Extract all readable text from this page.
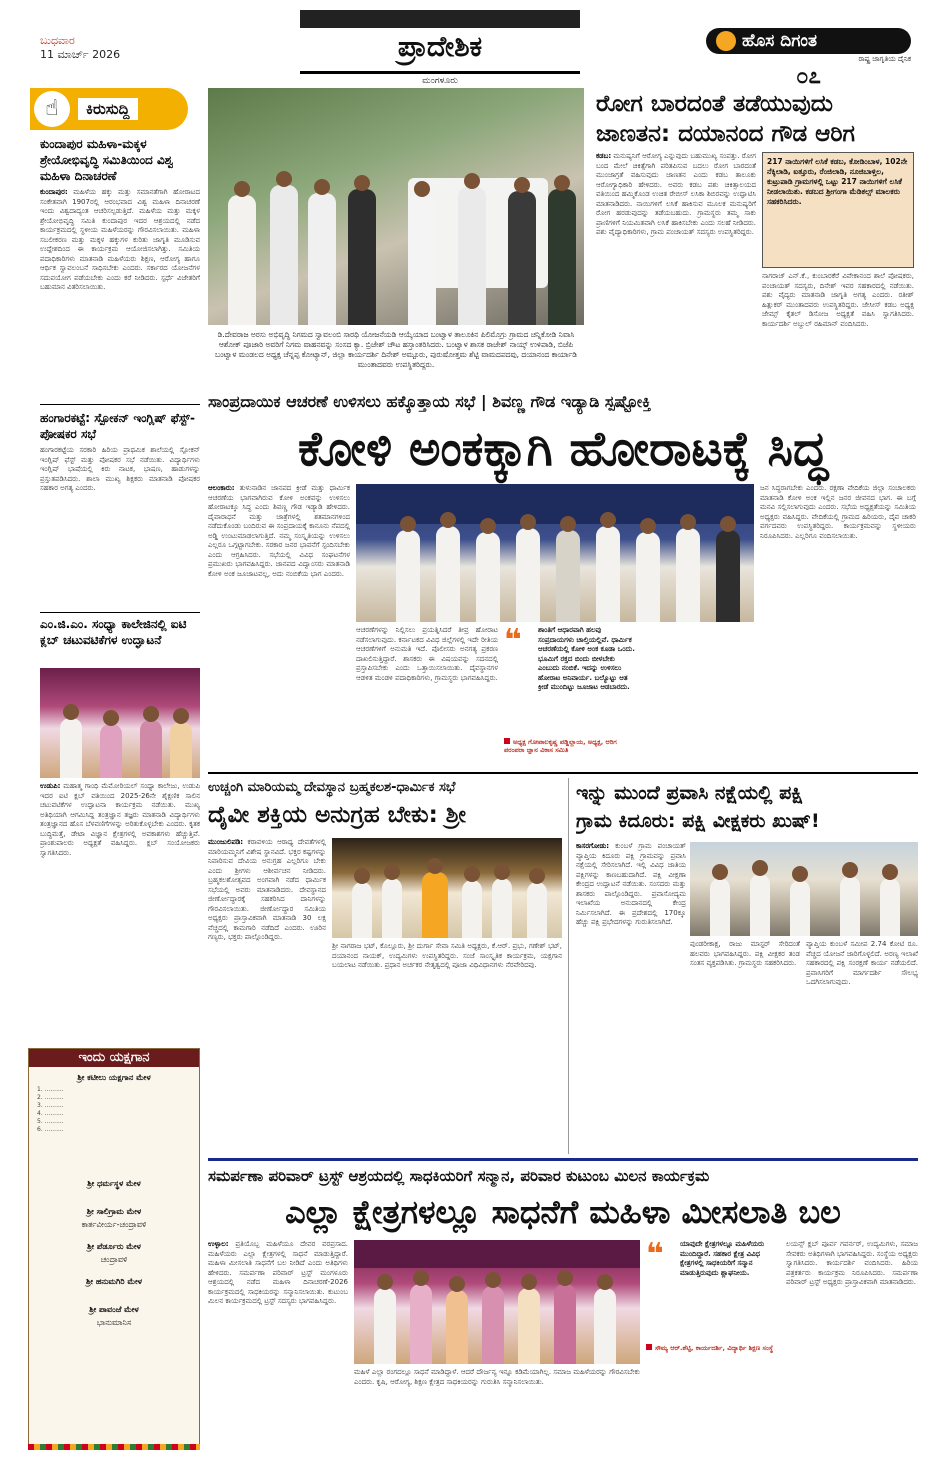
ಬುಧವಾರ
11 ಮಾರ್ಚ್ 2026	ಪ್ರಾದೇಶಿಕ
ಮಂಗಳೂರು
ಹೊಸ ದಿಗಂತ
ರಾಷ್ಟ್ರ ಜಾಗೃತಿಯ ದೈನಿಕ
೦೭
☝	ಕಿರುಸುದ್ದಿ
ಕುಂದಾಪುರ ಮಹಿಳಾ-ಮಕ್ಕಳ ಶ್ರೇಯೋಭಿವೃದ್ಧಿ ಸಮಿತಿಯಿಂದ ವಿಶ್ವ ಮಹಿಳಾ ದಿನಾಚರಣೆ
ಕುಂದಾಪುರ: ಮಹಿಳೆಯ ಹಕ್ಕು ಮತ್ತು ಸಮಾನತೆಗಾಗಿ ಹೋರಾಟದ ಸಂಕೇತವಾಗಿ 1907ರಲ್ಲಿ ಆರಂಭವಾದ ವಿಶ್ವ ಮಹಿಳಾ ದಿನಾಚರಣೆ ಇಂದು ವಿಶ್ವದಾದ್ಯಂತ ಆಚರಿಸಲ್ಪಡುತ್ತಿದೆ. ಮಹಿಳೆಯ ಮತ್ತು ಮಕ್ಕಳ ಶ್ರೇಯೋಭಿವೃದ್ಧಿ ಸಮಿತಿ ಕುಂದಾಪುರ ಇದರ ಆಶ್ರಯದಲ್ಲಿ ನಡೆದ ಕಾರ್ಯಕ್ರಮದಲ್ಲಿ ಸ್ಥಳೀಯ ಮಹಿಳೆಯರನ್ನು ಗೌರವಿಸಲಾಯಿತು. ಮಹಿಳಾ ಸಬಲೀಕರಣ ಮತ್ತು ಮಕ್ಕಳ ಹಕ್ಕುಗಳ ಕುರಿತು ಜಾಗೃತಿ ಮೂಡಿಸುವ ಉದ್ದೇಶದಿಂದ ಈ ಕಾರ್ಯಕ್ರಮ ಆಯೋಜಿಸಲಾಗಿತ್ತು. ಸಮಿತಿಯ ಪದಾಧಿಕಾರಿಗಳು ಮಾತನಾಡಿ ಮಹಿಳೆಯರು ಶಿಕ್ಷಣ, ಆರೋಗ್ಯ ಹಾಗೂ ಆರ್ಥಿಕ ಸ್ವಾವಲಂಬನೆ ಸಾಧಿಸಬೇಕು ಎಂದರು. ಸರ್ಕಾರದ ಯೋಜನೆಗಳ ಸದುಪಯೋಗ ಪಡೆಯಬೇಕು ಎಂದು ಕರೆ ನೀಡಿದರು. ಸ್ಪರ್ಧೆ ವಿಜೇತರಿಗೆ ಬಹುಮಾನ ವಿತರಿಸಲಾಯಿತು.
ಹಂಗಾರಕಟ್ಟೆ: ಸ್ಪೋಕನ್ ಇಂಗ್ಲಿಷ್ ಫೆಸ್ಟ್-ಪೋಷಕರ ಸಭೆ
ಹಂಗಾರಕಟ್ಟೆಯ ಸರಕಾರಿ ಹಿರಿಯ ಪ್ರಾಥಮಿಕ ಶಾಲೆಯಲ್ಲಿ ಸ್ಪೋಕನ್ ಇಂಗ್ಲಿಷ್ ಫೆಸ್ಟ್ ಮತ್ತು ಪೋಷಕರ ಸಭೆ ನಡೆಯಿತು. ವಿದ್ಯಾರ್ಥಿಗಳು ಇಂಗ್ಲಿಷ್ ಭಾಷೆಯಲ್ಲಿ ಕಿರು ನಾಟಕ, ಭಾಷಣ, ಹಾಡುಗಳನ್ನು ಪ್ರಸ್ತುತಪಡಿಸಿದರು. ಶಾಲಾ ಮುಖ್ಯ ಶಿಕ್ಷಕರು ಮಾತನಾಡಿ ಪೋಷಕರ ಸಹಕಾರ ಅಗತ್ಯ ಎಂದರು.
ಎಂ.ಜಿ.ಎಂ. ಸಂಧ್ಯಾ ಕಾಲೇಜಿನಲ್ಲಿ ಐಟಿ ಕ್ಲಬ್ ಚಟುವಟಿಕೆಗಳ ಉದ್ಘಾಟನೆ
ಉಡುಪಿ: ಮಹಾತ್ಮ ಗಾಂಧಿ ಮೆಮೋರಿಯಲ್ ಸಂಧ್ಯಾ ಕಾಲೇಜು, ಉಡುಪಿ ಇದರ ಐಟಿ ಕ್ಲಬ್ ವತಿಯಿಂದ 2025-26ನೇ ಶೈಕ್ಷಣಿಕ ಸಾಲಿನ ಚಟುವಟಿಕೆಗಳ ಉದ್ಘಾಟನಾ ಕಾರ್ಯಕ್ರಮ ನಡೆಯಿತು. ಮುಖ್ಯ ಅತಿಥಿಯಾಗಿ ಆಗಮಿಸಿದ್ದ ತಂತ್ರಜ್ಞಾನ ತಜ್ಞರು ಮಾತನಾಡಿ ವಿದ್ಯಾರ್ಥಿಗಳು ತಂತ್ರಜ್ಞಾನದ ಹೊಸ ಬೆಳವಣಿಗೆಗಳನ್ನು ಅರಿತುಕೊಳ್ಳಬೇಕು ಎಂದರು. ಕೃತಕ ಬುದ್ಧಿಮತ್ತೆ, ಡೇಟಾ ವಿಜ್ಞಾನ ಕ್ಷೇತ್ರಗಳಲ್ಲಿ ಅವಕಾಶಗಳು ಹೆಚ್ಚುತ್ತಿವೆ. ಪ್ರಾಂಶುಪಾಲರು ಅಧ್ಯಕ್ಷತೆ ವಹಿಸಿದ್ದರು. ಕ್ಲಬ್ ಸಂಯೋಜಕರು ಸ್ವಾಗತಿಸಿದರು.
ಇಂದು ಯಕ್ಷಗಾನ
ಶ್ರೀ ಕಟೀಲು ಯಕ್ಷಗಾನ ಮೇಳ
1. ..........
2. ..........
3. ..........
4. ..........
5. ..........
6. ..........
ಶ್ರೀ ಧರ್ಮಸ್ಥಳ ಮೇಳ
ಶ್ರೀ ಸಾಲಿಗ್ರಾಮ ಮೇಳ
ಕಾರ್ತವೀರ್ಯ-ಚಂದ್ರಾವಳಿ
ಶ್ರೀ ಪೆರ್ಡೂರು ಮೇಳ
ಚಂದ್ರಾವಳಿ
ಶ್ರೀ ಹನುಮಗಿರಿ ಮೇಳ
ಶ್ರೀ ಪಾವಂಜೆ ಮೇಳ
ಭಾನುಮಾನಿಸ
ಡಿ.ದೇವರಾಜ ಅರಸು ಅಭಿವೃದ್ಧಿ ನಿಗಮದ ಸ್ವಾವಲಂಬಿ ಸಾರಥಿ ಯೋಜನೆಯಡಿ ಆಯ್ಕೆಯಾದ ಬಂಟ್ವಾಳ ತಾಲೂಕಿನ ಪಿಲಿಮೊಗ್ರು ಗ್ರಾಮದ ಚನ್ನಿಕೋಡಿ ನಿವಾಸಿ ಆಶೋಕ್ ಪೂಜಾರಿ ಅವರಿಗೆ ನಿಗಮ ವಾಹನವನ್ನು ಸಂಸದ ಕ್ಯಾ. ಬ್ರಿಜೇಶ್ ಚೌಟ ಹಸ್ತಾಂತರಿಸಿದರು. ಬಂಟ್ವಾಳ ಶಾಸಕ ರಾಜೇಶ್ ನಾಯ್ಕ್ ಉಳಿಪಾಡಿ, ಬಿಜೆಪಿ ಬಂಟ್ವಾಳ ಮಂಡಲದ ಅಧ್ಯಕ್ಷ ಚೆನ್ನಪ್ಪ ಕೋಟ್ಯಾನ್, ಜಿಲ್ಲಾ ಕಾರ್ಯದರ್ಶಿ ದಿನೇಶ್ ಅಮ್ಟೂರು, ಪುರುಷೋತ್ತಮ ಶೆಟ್ಟಿ ವಾಮದಪದವು, ದಯಾನಂದ ಕಾರ್ಯಾಡಿ ಮುಂತಾದವರು ಉಪಸ್ಥಿತರಿದ್ದರು.
ರೋಗ ಬಾರದಂತೆ ತಡೆಯುವುದು
ಜಾಣತನ: ದಯಾನಂದ ಗೌಡ ಆರಿಗ
ಕಡಬ: ಮನುಷ್ಯನಿಗೆ ಆರೋಗ್ಯ ಎನ್ನುವುದು ಬಹುಮುಖ್ಯ ಸಂಪತ್ತು. ರೋಗ ಬಂದ ಮೇಲೆ ಚಿಕಿತ್ಸೆಗಾಗಿ ಪರಿತಪಿಸುವ ಬದಲು ರೋಗ ಬಾರದಂತೆ ಮುಂಜಾಗ್ರತೆ ವಹಿಸುವುದು ಜಾಣತನ ಎಂದು ಕಡಬ ತಾಲೂಕು ಆರೋಗ್ಯಾಧಿಕಾರಿ ಹೇಳಿದರು. ಅವರು ಕಡಬ ಪಶು ಚಿಕಿತ್ಸಾಲಯದ ವತಿಯಿಂದ ಹಮ್ಮಿಕೊಂಡ ಉಚಿತ ರೇಬೀಸ್ ಲಸಿಕಾ ಶಿಬಿರವನ್ನು ಉದ್ಘಾಟಿಸಿ ಮಾತನಾಡಿದರು. ನಾಯಿಗಳಿಗೆ ಲಸಿಕೆ ಹಾಕಿಸುವ ಮೂಲಕ ಮನುಷ್ಯರಿಗೆ ರೋಗ ಹರಡುವುದನ್ನು ತಡೆಯಬಹುದು. ಗ್ರಾಮಸ್ಥರು ತಮ್ಮ ಸಾಕು ಪ್ರಾಣಿಗಳಿಗೆ ನಿಯಮಿತವಾಗಿ ಲಸಿಕೆ ಹಾಕಿಸಬೇಕು ಎಂದು ಸಲಹೆ ನೀಡಿದರು. ಪಶು ವೈದ್ಯಾಧಿಕಾರಿಗಳು, ಗ್ರಾಮ ಪಂಚಾಯತ್ ಸದಸ್ಯರು ಉಪಸ್ಥಿತರಿದ್ದರು.
217 ನಾಯಿಗಳಿಗೆ ಲಸಿಕೆ ಕಡಬ, ಕೋಡಿಂಬಾಳ, 102ನೇ ನೆಕ್ಕಿಲಾಡಿ, ಐತ್ತೂರು, ರೆಂಜಿಲಾಡಿ, ನೂಜಿಬಾಳ್ತಿಲ, ಕುಟ್ರುಪಾಡಿ ಗ್ರಾಮಗಳಲ್ಲಿ ಒಟ್ಟು 217 ನಾಯಿಗಳಿಗೆ ಲಸಿಕೆ ನೀಡಲಾಯಿತು. ಕಡಬದ ಶ್ರೀಗಂಗಾ ಮೆಡಿಕಲ್ಸ್ ಮಾಲಕರು ಸಹಕರಿಸಿದರು.
ನಾಗರಾಜ್ ಎನ್.ಕೆ., ಕುಂಬಾರಕೆರೆ ವಿವೇಕಾನಂದ ಶಾಲೆ ಪೋಷಕರು, ಪಂಚಾಯತ್ ಸದಸ್ಯರು, ದಿನೇಶ್ ಇವರ ಸಹಕಾರದಲ್ಲಿ ನಡೆಯಿತು. ಪಶು ವೈದ್ಯರು ಮಾತನಾಡಿ ಜಾಗೃತಿ ಅಗತ್ಯ ಎಂದರು. ರತೀಶ್ ಹಿತ್ಲುಕರ್ ಮುಂತಾದವರು ಉಪಸ್ಥಿತರಿದ್ದರು. ಜೇಸೀಸ್ ಕಡಬ ಅಧ್ಯಕ್ಷ ಜೇಮ್ಸ್ ಕೈತಲ್ ಡಿಸೋಜ ಅಧ್ಯಕ್ಷತೆ ವಹಿಸಿ ಸ್ವಾಗತಿಸಿದರು. ಕಾರ್ಯದರ್ಶಿ ಅಬ್ದುಲ್ ರಹಿಮಾನ್ ವಂದಿಸಿದರು.
ಸಾಂಪ್ರದಾಯಿಕ ಆಚರಣೆ ಉಳಿಸಲು ಹಕ್ಕೊತ್ತಾಯ ಸಭೆ | ಶಿವಣ್ಣ ಗೌಡ ಇಡ್ಯಾಡಿ ಸ್ಪಷ್ಟೋಕ್ತಿ
ಕೋಳಿ ಅಂಕಕ್ಕಾಗಿ ಹೋರಾಟಕ್ಕೆ ಸಿದ್ಧ
ಆಲಂಕಾರು: ತುಳುನಾಡಿನ ಜಾನಪದ ಕ್ರೀಡೆ ಮತ್ತು ಧಾರ್ಮಿಕ ಆಚರಣೆಯ ಭಾಗವಾಗಿರುವ ಕೋಳಿ ಅಂಕವನ್ನು ಉಳಿಸಲು ಹೋರಾಟಕ್ಕೂ ಸಿದ್ಧ ಎಂದು ಶಿವಣ್ಣ ಗೌಡ ಇಡ್ಯಾಡಿ ಹೇಳಿದರು. ದೈವಾರಾಧನೆ ಮತ್ತು ಜಾತ್ರೆಗಳಲ್ಲಿ ಶತಮಾನಗಳಿಂದ ನಡೆದುಕೊಂಡು ಬಂದಿರುವ ಈ ಸಂಪ್ರದಾಯಕ್ಕೆ ಕಾನೂನು ನೆಪದಲ್ಲಿ ಅಡ್ಡಿ ಉಂಟುಮಾಡಲಾಗುತ್ತಿದೆ. ನಮ್ಮ ಸಂಸ್ಕೃತಿಯನ್ನು ಉಳಿಸಲು ಎಲ್ಲರೂ ಒಗ್ಗಟ್ಟಾಗಬೇಕು. ಸರಕಾರ ಜನರ ಭಾವನೆಗೆ ಸ್ಪಂದಿಸಬೇಕು ಎಂದು ಆಗ್ರಹಿಸಿದರು. ಸಭೆಯಲ್ಲಿ ವಿವಿಧ ಸಂಘಟನೆಗಳ ಪ್ರಮುಖರು ಭಾಗವಹಿಸಿದ್ದರು. ಜಾನಪದ ವಿದ್ವಾಂಸರು ಮಾತನಾಡಿ ಕೋಳಿ ಅಂಕ ಜೂಜಾಟವಲ್ಲ, ಅದು ನಂಬಿಕೆಯ ಭಾಗ ಎಂದರು.
ಆಚರಣೆಗಳನ್ನು ನಿಲ್ಲಿಸಲು ಪ್ರಯತ್ನಿಸಿದರೆ ತೀವ್ರ ಹೋರಾಟ ನಡೆಸಲಾಗುವುದು. ಕರ್ನಾಟಕದ ವಿವಿಧ ಜಿಲ್ಲೆಗಳಲ್ಲಿ ಇದೇ ರೀತಿಯ ಆಚರಣೆಗಳಿಗೆ ಅನುಮತಿ ಇದೆ. ಪೊಲೀಸರು ಅನಗತ್ಯ ಪ್ರಕರಣ ದಾಖಲಿಸುತ್ತಿದ್ದಾರೆ. ಶಾಸಕರು ಈ ವಿಷಯವನ್ನು ಸದನದಲ್ಲಿ ಪ್ರಸ್ತಾಪಿಸಬೇಕು ಎಂದು ಒತ್ತಾಯಿಸಲಾಯಿತು. ದೈವಸ್ಥಾನಗಳ ಆಡಳಿತ ಮಂಡಳಿ ಪದಾಧಿಕಾರಿಗಳು, ಗ್ರಾಮಸ್ಥರು ಭಾಗವಹಿಸಿದ್ದರು.
❝	ಶಾಂತಿಗೆ ಆಧಾರವಾಗಿ ಹಲವು ಸಂಪ್ರದಾಯಗಳು ಚಾಲ್ತಿಯಲ್ಲಿವೆ. ಧಾರ್ಮಿಕ ಆಚರಣೆಯಲ್ಲಿ ಕೋಳಿ ಅಂಕ ಕೂಡಾ ಒಂದು. ಭೂಮಿಗೆ ರಕ್ತದ ಬಿಂದು ಬೀಳಬೇಕು ಎಂಬುದು ನಂಬಿಕೆ. ಇದನ್ನು ಉಳಿಸಲು ಹೋರಾಟ ಅನಿವಾರ್ಯ. ಬಲ್ಯೊಟ್ಟು ಆತ ಕ್ರೀಡೆ ಮುಂದಿಟ್ಟು ಜೂಜಾಟ ಆಡಬಾರದು.
ಅಧ್ಯಕ್ಷ ಗೋಪಾಲಕೃಷ್ಣ ಪಡ್ಡಿಲ್ಲಾಯ, ಅಧ್ಯಕ್ಷ, ಆರಿಗ ಪರಂಪರಾ ಜ್ಞಾನ ವಿಕಾಸ ಸಮಿತಿ
ಜನ ಸಿದ್ಧರಾಗಬೇಕು ಎಂದರು. ರಕ್ಷಣಾ ವೇದಿಕೆಯ ಜಿಲ್ಲಾ ಸಂಚಾಲಕರು ಮಾತನಾಡಿ ಕೋಳಿ ಅಂಕ ಇಲ್ಲಿನ ಜನರ ಜೀವನದ ಭಾಗ. ಈ ಬಗ್ಗೆ ಮನವಿ ಸಲ್ಲಿಸಲಾಗುವುದು ಎಂದರು. ಸಭೆಯ ಅಧ್ಯಕ್ಷತೆಯನ್ನು ಸಮಿತಿಯ ಅಧ್ಯಕ್ಷರು ವಹಿಸಿದ್ದರು. ವೇದಿಕೆಯಲ್ಲಿ ಗ್ರಾಮದ ಹಿರಿಯರು, ದೈವ ಚಾಕರಿ ವರ್ಗದವರು ಉಪಸ್ಥಿತರಿದ್ದರು. ಕಾರ್ಯಕ್ರಮವನ್ನು ಸ್ಥಳೀಯರು ನಿರೂಪಿಸಿದರು. ಎಲ್ಲರಿಗೂ ವಂದಿಸಲಾಯಿತು.
ಉಚ್ಚಂಗಿ ಮಾರಿಯಮ್ಮ ದೇವಸ್ಥಾನ ಬ್ರಹ್ಮಕಲಶ-ಧಾರ್ಮಿಕ ಸಭೆ
ದೈವೀ ಶಕ್ತಿಯ ಅನುಗ್ರಹ ಬೇಕು: ಶ್ರೀ
ಮುಂಜುಲಿಪಡಿ: ಕರಾವಳಿಯ ಆರಾಧ್ಯ ದೇವತೆಗಳಲ್ಲಿ ಮಾರಿಯಮ್ಮನಿಗೆ ವಿಶೇಷ ಸ್ಥಾನವಿದೆ. ಭಕ್ತರ ಕಷ್ಟಗಳನ್ನು ನಿವಾರಿಸುವ ದೇವಿಯ ಅನುಗ್ರಹ ಎಲ್ಲರಿಗೂ ಬೇಕು ಎಂದು ಶ್ರೀಗಳು ಆಶೀರ್ವಚನ ನೀಡಿದರು. ಬ್ರಹ್ಮಕಲಶೋತ್ಸವದ ಅಂಗವಾಗಿ ನಡೆದ ಧಾರ್ಮಿಕ ಸಭೆಯಲ್ಲಿ ಅವರು ಮಾತನಾಡಿದರು. ದೇವಸ್ಥಾನದ ಜೀರ್ಣೋದ್ಧಾರಕ್ಕೆ ಸಹಕರಿಸಿದ ದಾನಿಗಳನ್ನು ಗೌರವಿಸಲಾಯಿತು. ಜೀರ್ಣೋದ್ಧಾರ ಸಮಿತಿಯ ಅಧ್ಯಕ್ಷರು ಪ್ರಾಸ್ತಾವಿಕವಾಗಿ ಮಾತನಾಡಿ 30 ಲಕ್ಷ ವೆಚ್ಚದಲ್ಲಿ ಕಾಮಗಾರಿ ನಡೆದಿದೆ ಎಂದರು. ಊರಿನ ಗಣ್ಯರು, ಭಕ್ತರು ಪಾಲ್ಗೊಂಡಿದ್ದರು.
ಶ್ರೀ ನಾಗರಾಜ ಭಟ್, ಕೊಲ್ಲೂರು, ಶ್ರೀ ದುರ್ಗಾ ಸೇವಾ ಸಮಿತಿ ಅಧ್ಯಕ್ಷರು, ಕೆ.ಆರ್. ಪ್ರಭು, ಗಣೇಶ್ ಭಟ್, ದಯಾನಂದ ನಾಯಕ್, ಉದ್ಯಮಿಗಳು ಉಪಸ್ಥಿತರಿದ್ದರು. ಸಂಜೆ ಸಾಂಸ್ಕೃತಿಕ ಕಾರ್ಯಕ್ರಮ, ಯಕ್ಷಗಾನ ಬಯಲಾಟ ನಡೆಯಿತು. ಪ್ರಧಾನ ಅರ್ಚಕರ ನೇತೃತ್ವದಲ್ಲಿ ಪೂಜಾ ವಿಧಿವಿಧಾನಗಳು ನೆರವೇರಿದವು.
ಇನ್ನು ಮುಂದೆ ಪ್ರವಾಸಿ ನಕ್ಷೆಯಲ್ಲಿ ಪಕ್ಷಿ
ಗ್ರಾಮ ಕಿದೂರು: ಪಕ್ಷಿ ವೀಕ್ಷಕರು ಖುಷ್!
ಕಾಸರಗೋಡು: ಕುಂಬಳೆ ಗ್ರಾಮ ಪಂಚಾಯತ್ ವ್ಯಾಪ್ತಿಯ ಕಿದೂರು ಪಕ್ಷಿ ಗ್ರಾಮವನ್ನು ಪ್ರವಾಸಿ ನಕ್ಷೆಯಲ್ಲಿ ಸೇರಿಸಲಾಗಿದೆ. ಇಲ್ಲಿ ವಿವಿಧ ಜಾತಿಯ ಪಕ್ಷಿಗಳನ್ನು ಕಾಣಬಹುದಾಗಿದೆ. ಪಕ್ಷಿ ವೀಕ್ಷಣಾ ಕೇಂದ್ರದ ಉದ್ಘಾಟನೆ ನಡೆಯಿತು. ಸಂಸದರು ಮತ್ತು ಶಾಸಕರು ಪಾಲ್ಗೊಂಡಿದ್ದರು. ಪ್ರವಾಸೋದ್ಯಮ ಇಲಾಖೆಯ ಅನುದಾನದಲ್ಲಿ ಕೇಂದ್ರ ನಿರ್ಮಿಸಲಾಗಿದೆ. ಈ ಪ್ರದೇಶದಲ್ಲಿ 170ಕ್ಕೂ ಹೆಚ್ಚು ಪಕ್ಷಿ ಪ್ರಭೇದಗಳನ್ನು ಗುರುತಿಸಲಾಗಿದೆ.
ಪುಂಡರೀಕಾಕ್ಷ, ರಾಜು ಮಾಸ್ಟರ್ ಸೇರಿದಂತೆ ಹಲವರು ಭಾಗವಹಿಸಿದ್ದರು. ಪಕ್ಷಿ ವೀಕ್ಷಕರ ತಂಡ ಸಂತಸ ವ್ಯಕ್ತಪಡಿಸಿತು. ಗ್ರಾಮಸ್ಥರು ಸಹಕರಿಸಿದರು.
ವ್ಯಾಪ್ತಿಯ ಕುಂಬಳೆ ಸಮೀಪ 2.74 ಕೋಟಿ ರೂ. ವೆಚ್ಚದ ಯೋಜನೆ ಜಾರಿಗೊಳ್ಳಲಿದೆ. ಅರಣ್ಯ ಇಲಾಖೆ ಸಹಕಾರದಲ್ಲಿ ಪಕ್ಷಿ ಸಂರಕ್ಷಣೆ ಕಾರ್ಯ ನಡೆಯಲಿದೆ. ಪ್ರವಾಸಿಗರಿಗೆ ಮಾರ್ಗದರ್ಶಿ ಸೌಲಭ್ಯ ಒದಗಿಸಲಾಗುವುದು.
ಸಮರ್ಪಣಾ ಪರಿವಾರ್ ಟ್ರಸ್ಟ್ ಆಶ್ರಯದಲ್ಲಿ ಸಾಧಕಿಯರಿಗೆ ಸನ್ಮಾನ, ಪರಿವಾರ ಕುಟುಂಬ ಮಿಲನ ಕಾರ್ಯಕ್ರಮ
ಎಲ್ಲಾ ಕ್ಷೇತ್ರಗಳಲ್ಲೂ ಸಾಧನೆಗೆ ಮಹಿಳಾ ಮೀಸಲಾತಿ ಬಲ
ಉಳ್ಳಾಲ: ಪ್ರತಿಯೊಬ್ಬ ಮಹಿಳೆಯೂ ದೇವರ ವರಪ್ರಸಾದ. ಮಹಿಳೆಯರು ಎಲ್ಲಾ ಕ್ಷೇತ್ರಗಳಲ್ಲಿ ಸಾಧನೆ ಮಾಡುತ್ತಿದ್ದಾರೆ. ಮಹಿಳಾ ಮೀಸಲಾತಿ ಸಾಧನೆಗೆ ಬಲ ನೀಡಿದೆ ಎಂದು ಅತಿಥಿಗಳು ಹೇಳಿದರು. ಸಮರ್ಪಣಾ ಪರಿವಾರ್ ಟ್ರಸ್ಟ್ ಮಂಗಳೂರು ಆಶ್ರಯದಲ್ಲಿ ನಡೆದ ಮಹಿಳಾ ದಿನಾಚರಣೆ-2026 ಕಾರ್ಯಕ್ರಮದಲ್ಲಿ ಸಾಧಕಿಯರನ್ನು ಸನ್ಮಾನಿಸಲಾಯಿತು. ಕುಟುಂಬ ಮಿಲನ ಕಾರ್ಯಕ್ರಮದಲ್ಲಿ ಟ್ರಸ್ಟ್ ಸದಸ್ಯರು ಭಾಗವಹಿಸಿದ್ದರು.
ಮಹಿಳೆ ಎಲ್ಲಾ ರಂಗದಲ್ಲೂ ಸಾಧನೆ ಮಾಡಿದ್ದಾಳೆ. ಆದರೆ ದೌರ್ಜನ್ಯ ಇನ್ನೂ ಕಡಿಮೆಯಾಗಿಲ್ಲ. ಸಮಾಜ ಮಹಿಳೆಯರನ್ನು ಗೌರವಿಸಬೇಕು ಎಂದರು. ಕೃಷಿ, ಆರೋಗ್ಯ, ಶಿಕ್ಷಣ ಕ್ಷೇತ್ರದ ಸಾಧಕಿಯರನ್ನು ಗುರುತಿಸಿ ಸನ್ಮಾನಿಸಲಾಯಿತು.
❝	ಯಾವುದೇ ಕ್ಷೇತ್ರಗಳಲ್ಲೂ ಮಹಿಳೆಯರು ಮುಂದಿದ್ದಾರೆ. ಸಹಕಾರ ಕ್ಷೇತ್ರ ವಿವಿಧ ಕ್ಷೇತ್ರಗಳಲ್ಲಿ ಸಾಧಕಿಯರಿಗೆ ಸನ್ಮಾನ ಮಾಡುತ್ತಿರುವುದು ಶ್ಲಾಘನೀಯ.
ಸೌಮ್ಯ ಆರ್.ಶೆಟ್ಟಿ, ಕಾರ್ಯದರ್ಶಿ, ವಿದ್ಯಾರ್ಥಿ ಶಿಕ್ಷಣ ಸಂಸ್ಥೆ
ಲಯನ್ಸ್ ಕ್ಲಬ್ ಪೂರ್ವ ಗವರ್ನರ್, ಉದ್ಯಮಿಗಳು, ಸಮಾಜ ಸೇವಕರು ಅತಿಥಿಗಳಾಗಿ ಭಾಗವಹಿಸಿದ್ದರು. ಸಂಸ್ಥೆಯ ಅಧ್ಯಕ್ಷರು ಸ್ವಾಗತಿಸಿದರು. ಕಾರ್ಯದರ್ಶಿ ವಂದಿಸಿದರು. ಹಿರಿಯ ಪತ್ರಕರ್ತರು ಕಾರ್ಯಕ್ರಮ ನಿರೂಪಿಸಿದರು. ಸಮರ್ಪಣಾ ಪರಿವಾರ್ ಟ್ರಸ್ಟ್ ಅಧ್ಯಕ್ಷರು ಪ್ರಾಸ್ತಾವಿಕವಾಗಿ ಮಾತನಾಡಿದರು.
